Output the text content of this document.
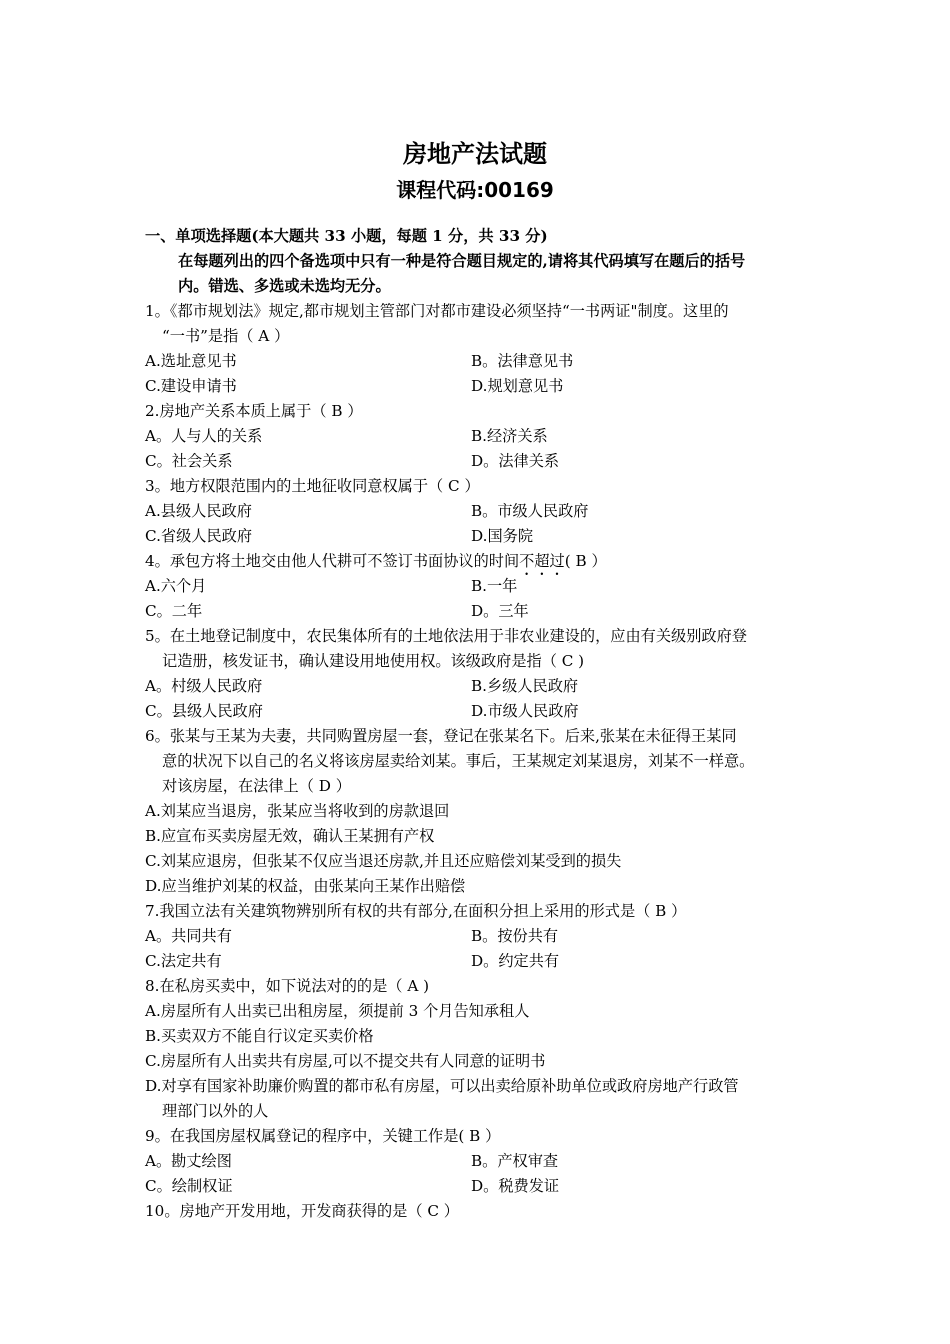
房地产法试题
课程代码:00169
一、单项选择题(本大题共 33 小题，每题 1 分，共 33 分)
在每题列出的四个备选项中只有一种是符合题目规定的,请将其代码填写在题后的括号
内。错选、多选或未选均无分。
1。《都市规划法》规定,都市规划主管部门对都市建设必须坚持“一书两证"制度。这里的
“一书”是指（ A ）
A.选址意见书	B。法律意见书
C.建设申请书	D.规划意见书
2.房地产关系本质上属于（ B ）
A。人与人的关系	B.经济关系
C。社会关系	D。法律关系
3。地方权限范围内的土地征收同意权属于（ C ）
A.县级人民政府	B。市级人民政府
C.省级人民政府	D.国务院
4。承包方将土地交由他人代耕可不签订书面协议的时间不超过( B ）
A.六个月	B.一年
C。二年	D。三年
5。在土地登记制度中，农民集体所有的土地依法用于非农业建设的，应由有关级别政府登
记造册，核发证书，确认建设用地使用权。该级政府是指（ C )
A。村级人民政府	B.乡级人民政府
C。县级人民政府	D.市级人民政府
6。张某与王某为夫妻，共同购置房屋一套，登记在张某名下。后来,张某在未征得王某同
意的状况下以自己的名义将该房屋卖给刘某。事后，王某规定刘某退房，刘某不一样意。
对该房屋，在法律上（ D ）
A.刘某应当退房，张某应当将收到的房款退回
B.应宣布买卖房屋无效，确认王某拥有产权
C.刘某应退房，但张某不仅应当退还房款,并且还应赔偿刘某受到的损失
D.应当维护刘某的权益，由张某向王某作出赔偿
7.我国立法有关建筑物辨别所有权的共有部分,在面积分担上采用的形式是（ B ）
A。共同共有	B。按份共有
C.法定共有	D。约定共有
8.在私房买卖中，如下说法对的的是（ A )
A.房屋所有人出卖已出租房屋，须提前 3 个月告知承租人
B.买卖双方不能自行议定买卖价格
C.房屋所有人出卖共有房屋,可以不提交共有人同意的证明书
D.对享有国家补助廉价购置的都市私有房屋，可以出卖给原补助单位或政府房地产行政管
理部门以外的人
9。在我国房屋权属登记的程序中，关键工作是( B ）
A。勘丈绘图	B。产权审查
C。绘制权证	D。税费发证
10。房地产开发用地，开发商获得的是（ C ）
